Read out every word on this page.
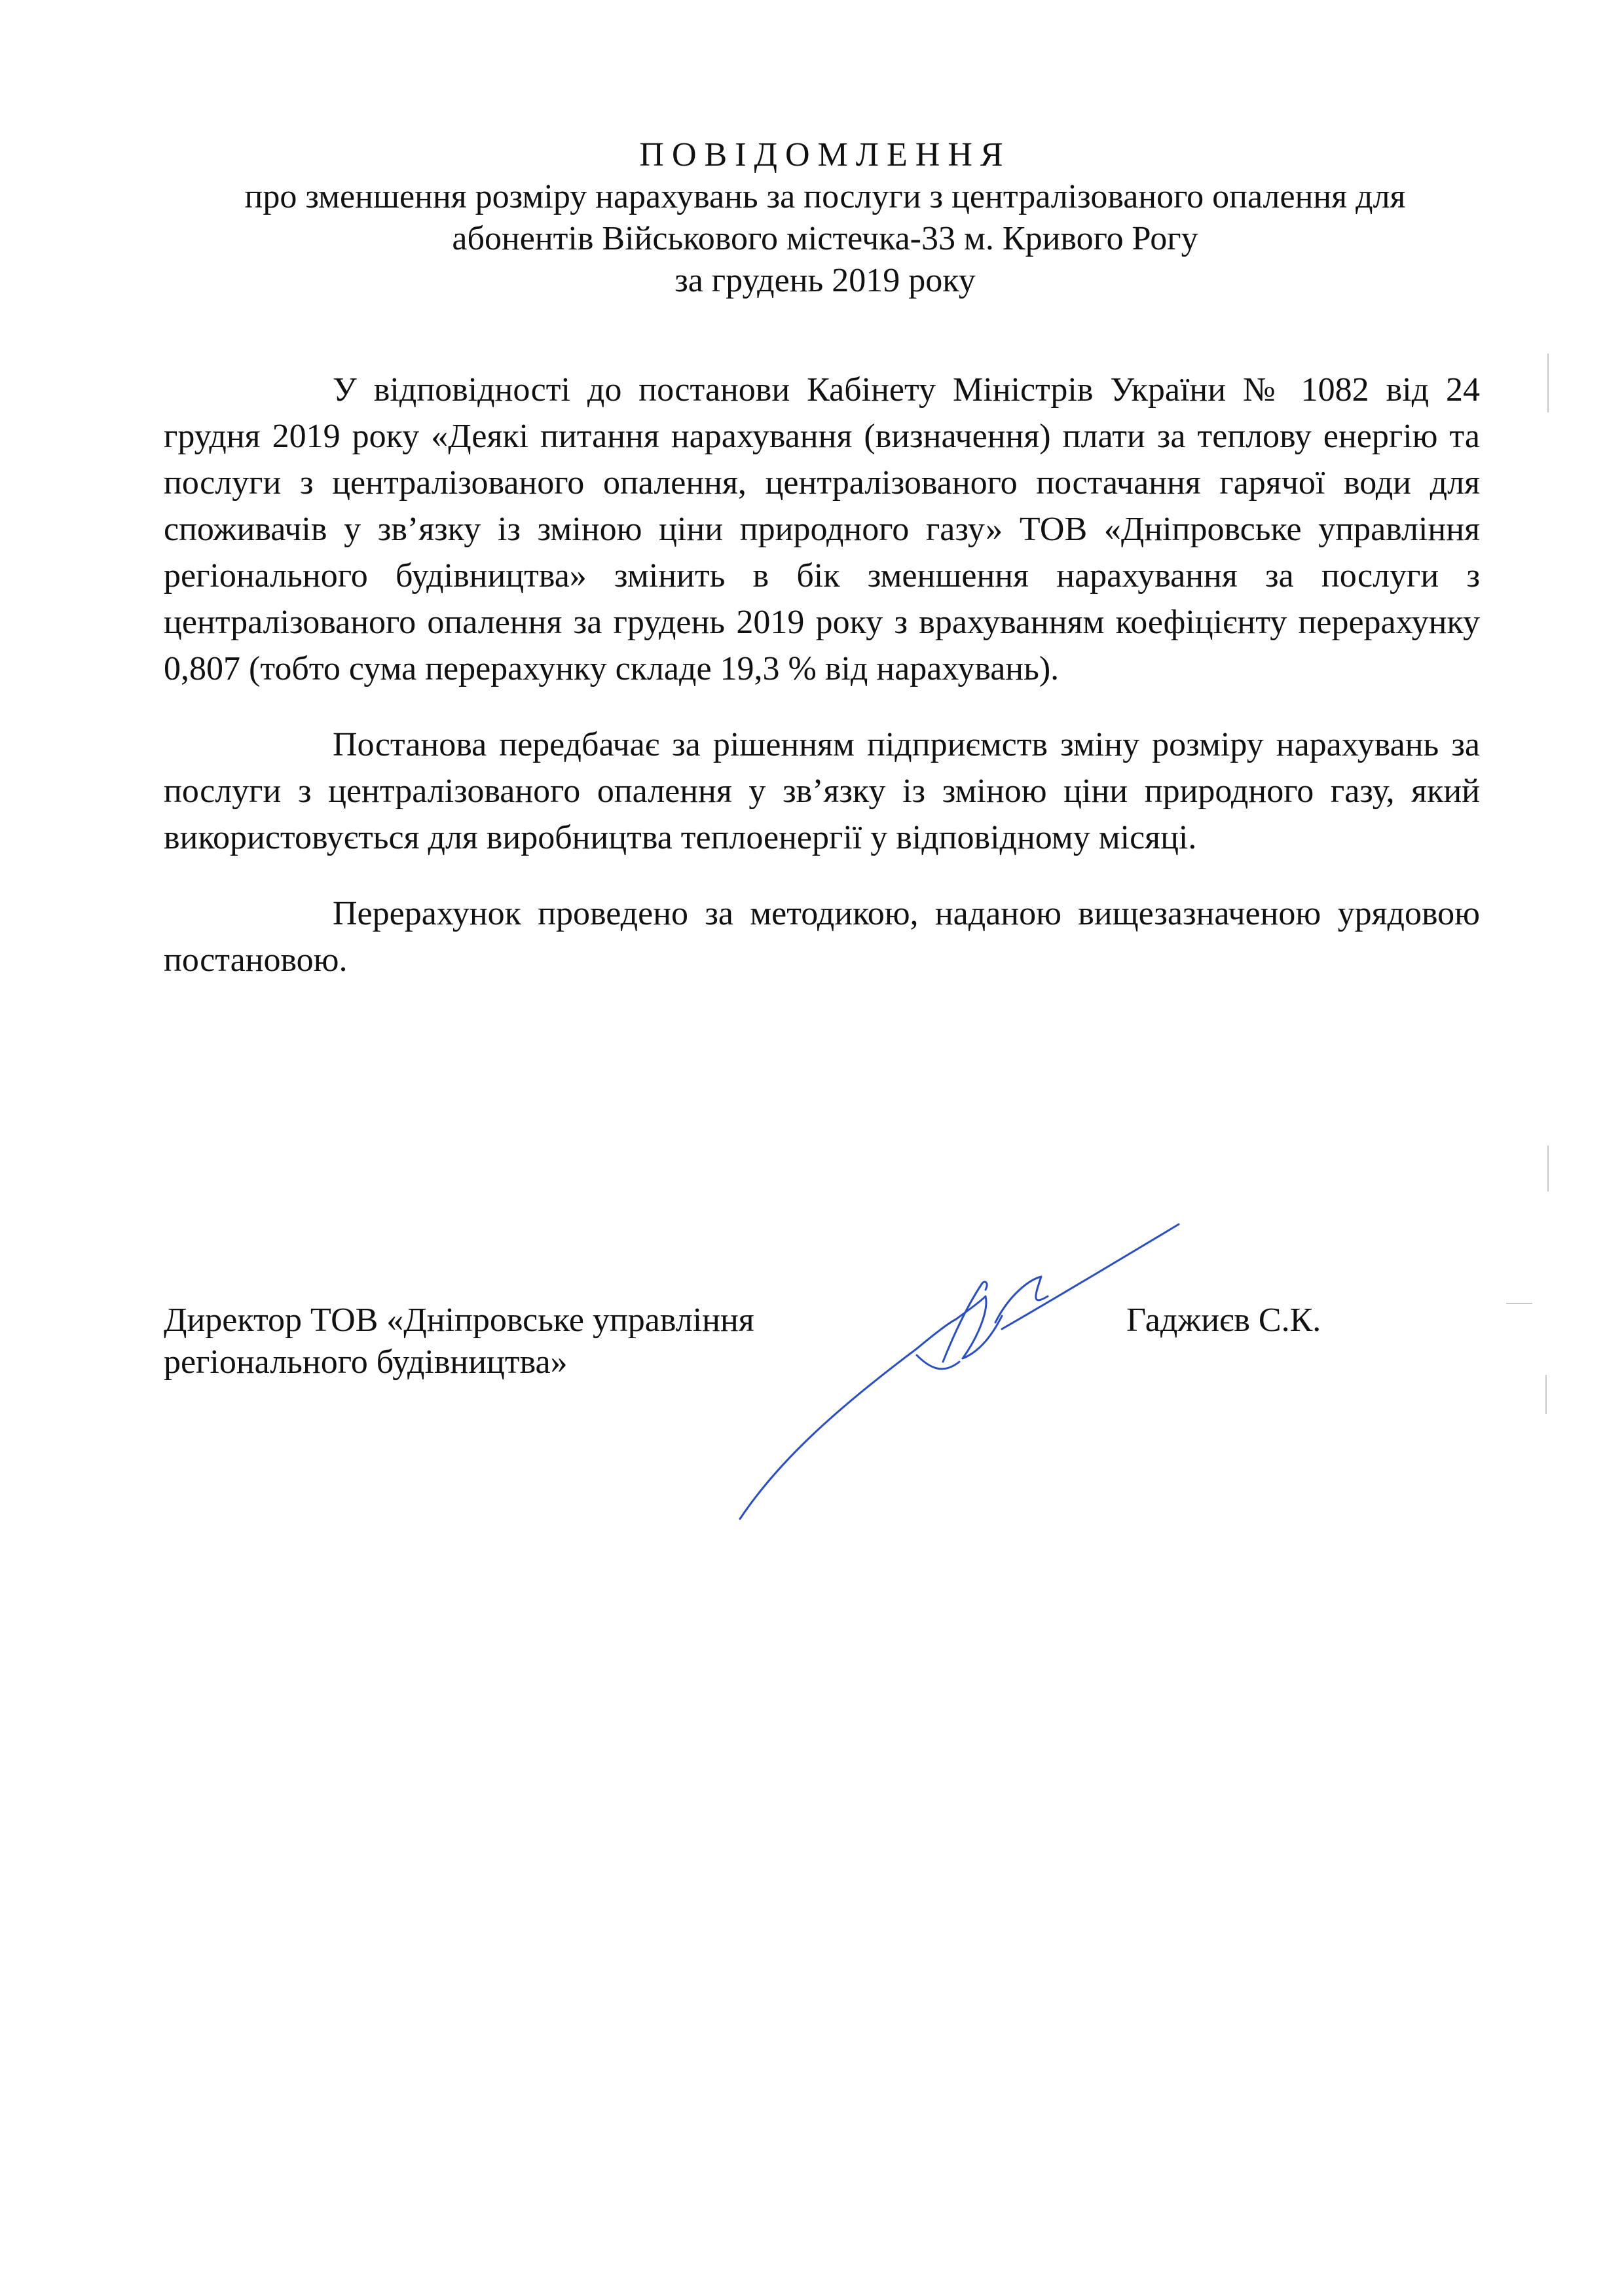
ПОВІДОМЛЕННЯ
про зменшення розміру нарахувань за послуги з централізованого опалення для
абонентів Військового містечка-33 м. Кривого Рогу
за грудень 2019 року

У відповідності до постанови Кабінету Міністрів України № 1082 від 24 грудня 2019 року «Деякі питання нарахування (визначення) плати за теплову енергію та послуги з централізованого опалення, централізованого постачання гарячої води для споживачів у зв’язку із зміною ціни природного газу» ТОВ «Дніпровське управління регіонального будівництва» змінить в бік зменшення нарахування за послуги з централізованого опалення за грудень 2019 року з врахуванням коефіцієнту перерахунку 0,807 (тобто сума перерахунку складе 19,3 % від нарахувань).

Постанова передбачає за рішенням підприємств зміну розміру нарахувань за послуги з централізованого опалення у зв’язку із зміною ціни природного газу, який використовується для виробництва теплоенергії у відповідному місяці.

Перерахунок проведено за методикою, наданою вищезазначеною урядовою постановою.

Директор ТОВ «Дніпровське управління
регіонального будівництва»
Гаджиєв С.К.
